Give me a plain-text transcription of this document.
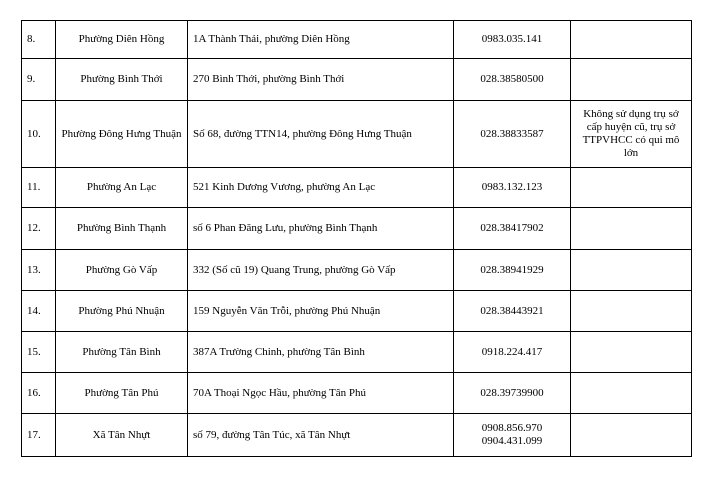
8.	Phường Diên Hồng	1A Thành Thái, phường Diên Hồng	0983.035.141	

9.	Phường Bình Thới	270 Bình Thới, phường Bình Thới	028.38580500	

10.	Phường Đông Hưng Thuận	Số 68, đường TTN14, phường Đông Hưng Thuận	028.38833587	Không sử dụng trụ sở cấp huyện cũ, trụ sở TTPVHCC có qui mô lớn
11.	Phường An Lạc	521 Kinh Dương Vương, phường An Lạc	0983.132.123	

12.	Phường Bình Thạnh	số 6 Phan Đăng Lưu, phường Bình Thạnh	028.38417902	

13.	Phường Gò Vấp	332 (Số cũ 19) Quang Trung, phường Gò Vấp	028.38941929	

14.	Phường Phú Nhuận	159 Nguyễn Văn Trỗi, phường Phú Nhuận	028.38443921	

15.	Phường Tân Bình	387A Trường Chinh, phường Tân Bình	0918.224.417	

16.	Phường Tân Phú	70A Thoại Ngọc Hầu, phường Tân Phú	028.39739900	

17.	Xã Tân Nhựt	số 79, đường Tân Túc, xã Tân Nhựt	0908.856.970
0904.431.099	
